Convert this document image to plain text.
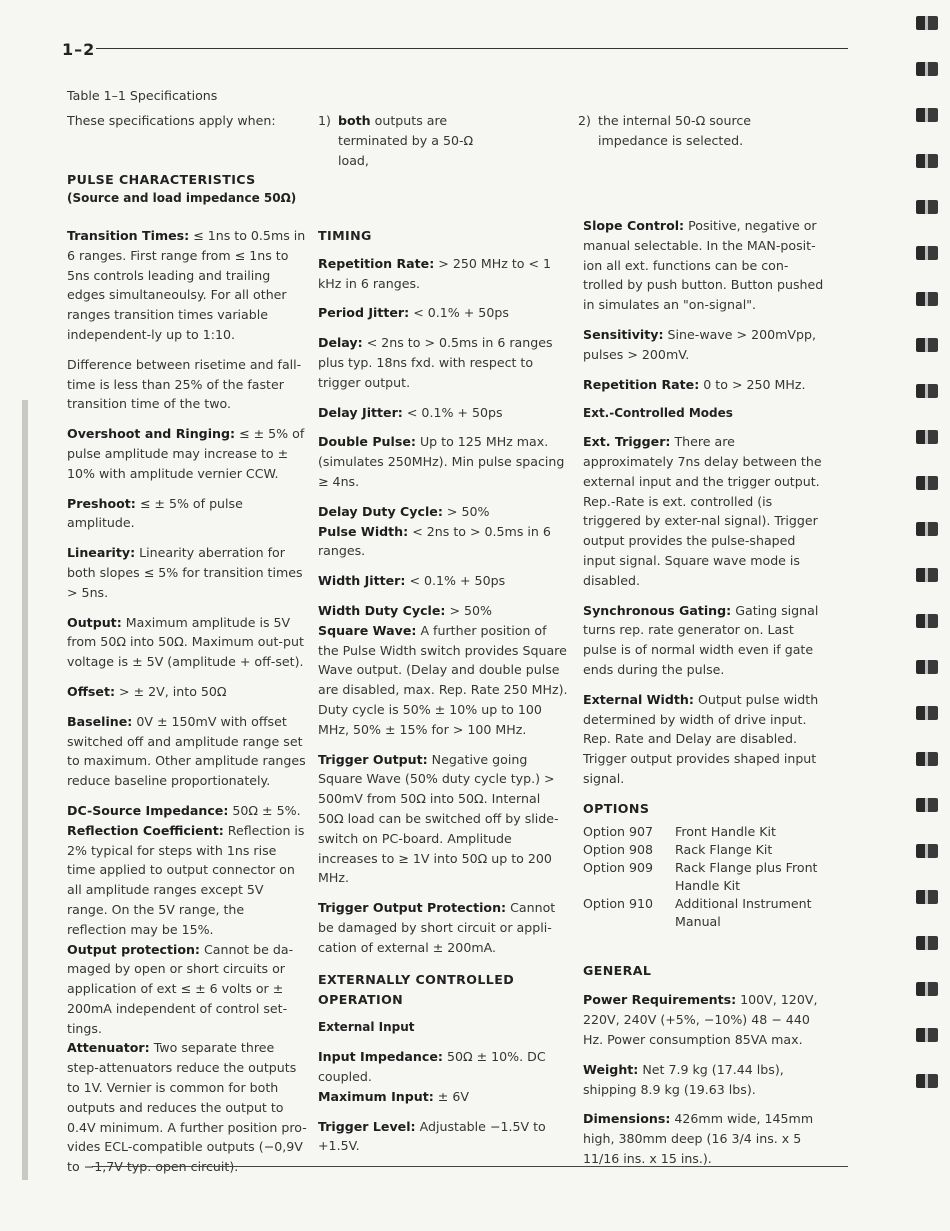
1–2
Table 1–1 Specifications
These specifications apply when:	1) both outputs are terminated by a 50-Ω load,
2) the internal 50-Ω source impedance is selected.
PULSE CHARACTERISTICS
(Source and load impedance 50Ω)

Transition Times: ≤ 1ns to 0.5ms in 6 ranges. First range from ≤ 1ns to 5ns controls leading and trailing edges simultaneoulsy. For all other ranges transition times variable independent-ly up to 1:10.

Difference between risetime and fall-time is less than 25% of the faster transition time of the two.

Overshoot and Ringing: ≤ ± 5% of pulse amplitude may increase to ± 10% with amplitude vernier CCW.

Preshoot: ≤ ± 5% of pulse amplitude.

Linearity: Linearity aberration for both slopes ≤ 5% for transition times > 5ns.

Output: Maximum amplitude is 5V from 50Ω into 50Ω. Maximum out-put voltage is ± 5V (amplitude + off-set).

Offset: > ± 2V, into 50Ω

Baseline: 0V ± 150mV with offset switched off and amplitude range set to maximum. Other amplitude ranges reduce baseline proportionately.

DC-Source Impedance: 50Ω ± 5%.

Reflection Coefficient: Reflection is 2% typical for steps with 1ns rise time applied to output connector on all amplitude ranges except 5V range. On the 5V range, the reflection may be 15%.

Output protection: Cannot be da-maged by open or short circuits or application of ext ≤ ± 6 volts or ± 200mA independent of control set-tings.

Attenuator: Two separate three step-attenuators reduce the outputs to 1V. Vernier is common for both outputs and reduces the output to 0.4V minimum. A further position pro-vides ECL-compatible outputs (−0,9V to −1,7V typ. open circuit).

TIMING

Repetition Rate: > 250 MHz to < 1 kHz in 6 ranges.

Period Jitter: < 0.1% + 50ps

Delay: < 2ns to > 0.5ms in 6 ranges plus typ. 18ns fxd. with respect to trigger output.

Delay Jitter: < 0.1% + 50ps

Double Pulse: Up to 125 MHz max. (simulates 250MHz). Min pulse spacing ≥ 4ns.

Delay Duty Cycle: > 50%

Pulse Width: < 2ns to > 0.5ms in 6 ranges.

Width Jitter: < 0.1% + 50ps

Width Duty Cycle: > 50%

Square Wave: A further position of the Pulse Width switch provides Square Wave output. (Delay and double pulse are disabled, max. Rep. Rate 250 MHz). Duty cycle is 50% ± 10% up to 100 MHz, 50% ± 15% for > 100 MHz.

Trigger Output: Negative going Square Wave (50% duty cycle typ.) > 500mV from 50Ω into 50Ω. Internal 50Ω load can be switched off by slide-switch on PC-board. Amplitude increases to ≥ 1V into 50Ω up to 200 MHz.

Trigger Output Protection: Cannot be damaged by short circuit or appli-cation of external ± 200mA.

EXTERNALLY CONTROLLED OPERATION
External Input

Input Impedance: 50Ω ± 10%. DC coupled.

Maximum Input: ± 6V

Trigger Level: Adjustable −1.5V to +1.5V.

Slope Control: Positive, negative or manual selectable. In the MAN-posit-ion all ext. functions can be con-trolled by push button. Button pushed in simulates an "on-signal".

Sensitivity: Sine-wave > 200mVpp, pulses > 200mV.

Repetition Rate: 0 to > 250 MHz.

Ext.-Controlled Modes

Ext. Trigger: There are approximately 7ns delay between the external input and the trigger output. Rep.-Rate is ext. controlled (is triggered by exter-nal signal). Trigger output provides the pulse-shaped input signal. Square wave mode is disabled.

Synchronous Gating: Gating signal turns rep. rate generator on. Last pulse is of normal width even if gate ends during the pulse.

External Width: Output pulse width determined by width of drive input. Rep. Rate and Delay are disabled. Trigger output provides shaped input signal.

OPTIONS
Option 907	Front Handle Kit
Option 908	Rack Flange Kit
Option 909	Rack Flange plus Front Handle Kit
Option 910	Additional Instrument Manual
GENERAL

Power Requirements: 100V, 120V, 220V, 240V (+5%, −10%) 48 − 440 Hz. Power consumption 85VA max.

Weight: Net 7.9 kg (17.44 lbs), shipping 8.9 kg (19.63 lbs).

Dimensions: 426mm wide, 145mm high, 380mm deep (16 3/4 ins. x 5 11/16 ins. x 15 ins.).
